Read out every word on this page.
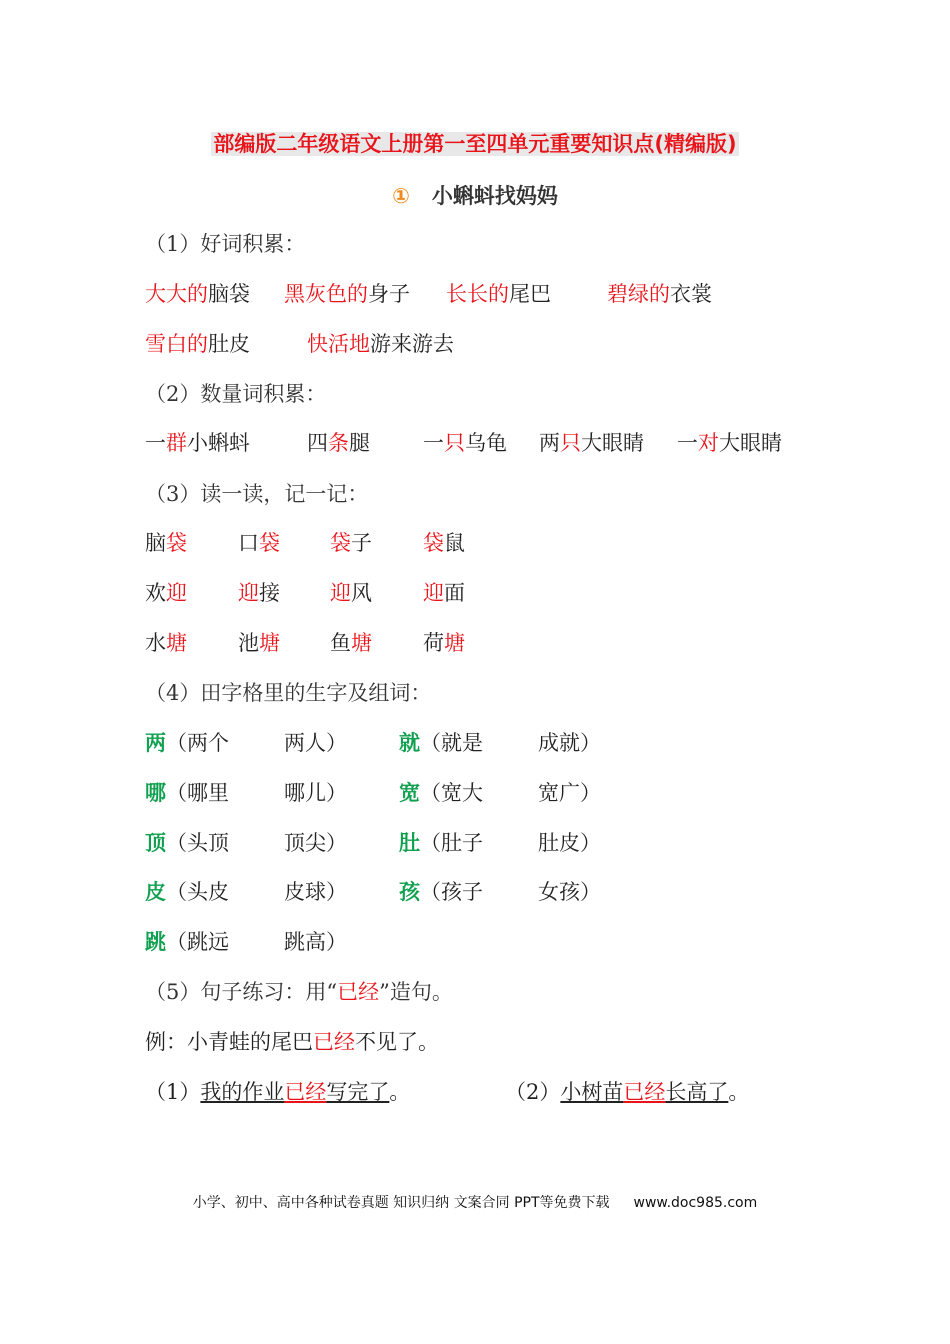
部编版二年级语文上册第一至四单元重要知识点(精编版)
① 小蝌蚪找妈妈
（1）好词积累：
大大的脑袋 黑灰色的身子 长长的尾巴	碧绿的衣裳
雪白的肚皮	快活地游来游去
（2）数量词积累：
一群小蝌蚪	四条腿	一只乌龟 两只大眼睛 一对大眼睛
（3）读一读，记一记：
脑袋 口袋 袋子 袋鼠
欢迎 迎接 迎风 迎面
水塘 池塘 鱼塘 荷塘
（4）田字格里的生字及组词：
两（两个	两人） 就（就是	成就）
哪（哪里	哪儿） 宽（宽大	宽广）
顶（头顶	顶尖） 肚（肚子	肚皮）
皮（头皮	皮球） 孩（孩子	女孩）
跳（跳远	跳高）
（5）句子练习：用“已经”造句。
例：小青蛙的尾巴已经不见了。
（1）我的作业已经写完了。	（2）小树苗已经长高了。
小学、初中、高中各种试卷真题 知识归纳 文案合同 PPT等免费下载 www.doc985.com
